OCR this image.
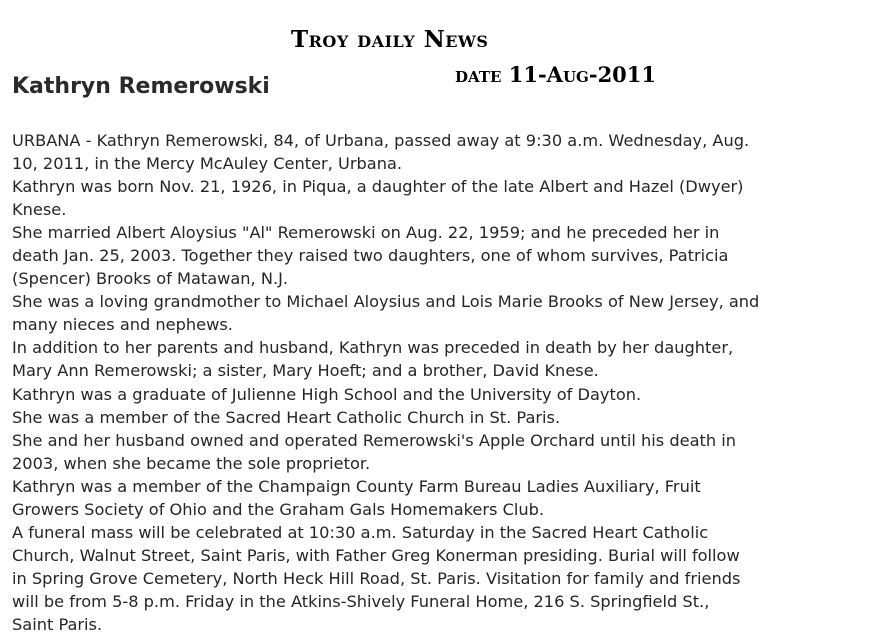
Troy daily News
date 11-Aug-2011
Kathryn Remerowski
URBANA - Kathryn Remerowski, 84, of Urbana, passed away at 9:30 a.m. Wednesday, Aug.
10, 2011, in the Mercy McAuley Center, Urbana.
Kathryn was born Nov. 21, 1926, in Piqua, a daughter of the late Albert and Hazel (Dwyer)
Knese.
She married Albert Aloysius "Al" Remerowski on Aug. 22, 1959; and he preceded her in
death Jan. 25, 2003. Together they raised two daughters, one of whom survives, Patricia
(Spencer) Brooks of Matawan, N.J.
She was a loving grandmother to Michael Aloysius and Lois Marie Brooks of New Jersey, and
many nieces and nephews.
In addition to her parents and husband, Kathryn was preceded in death by her daughter,
Mary Ann Remerowski; a sister, Mary Hoeft; and a brother, David Knese.
Kathryn was a graduate of Julienne High School and the University of Dayton.
She was a member of the Sacred Heart Catholic Church in St. Paris.
She and her husband owned and operated Remerowski's Apple Orchard until his death in
2003, when she became the sole proprietor.
Kathryn was a member of the Champaign County Farm Bureau Ladies Auxiliary, Fruit
Growers Society of Ohio and the Graham Gals Homemakers Club.
A funeral mass will be celebrated at 10:30 a.m. Saturday in the Sacred Heart Catholic
Church, Walnut Street, Saint Paris, with Father Greg Konerman presiding. Burial will follow
in Spring Grove Cemetery, North Heck Hill Road, St. Paris. Visitation for family and friends
will be from 5-8 p.m. Friday in the Atkins-Shively Funeral Home, 216 S. Springfield St.,
Saint Paris.
